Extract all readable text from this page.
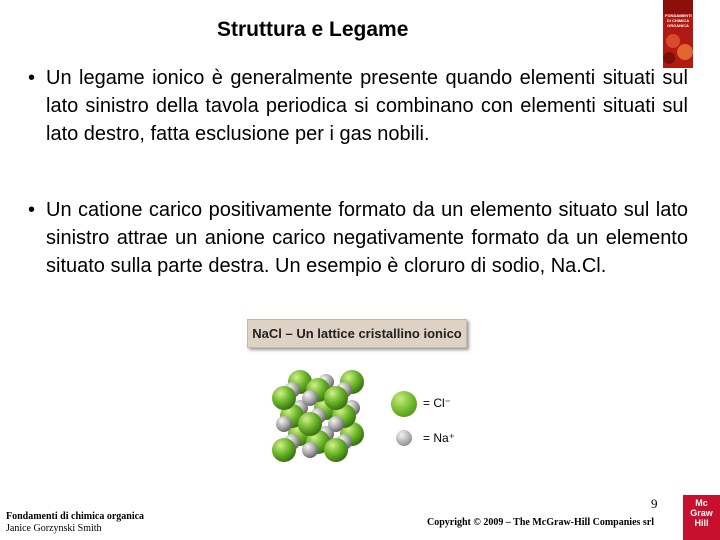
Struttura e Legame
FONDAMENTI DI CHIMICA ORGANICA
• Un legame ionico è generalmente presente quando elementi situati sul lato sinistro della tavola periodica si combinano con elementi situati sul lato destro, fatta esclusione per i gas nobili.
• Un catione carico positivamente formato da un elemento situato sul lato sinistro attrae un anione carico negativamente formato da un elemento situato sulla parte destra. Un esempio è cloruro di sodio, Na.Cl.
NaCl – Un lattice cristallino ionico
= Cl⁻
= Na⁺
Fondamenti di chimica organica
Janice Gorzynski Smith
9
Copyright © 2009 – The McGraw-Hill Companies srl
Mc
Graw
Hill
